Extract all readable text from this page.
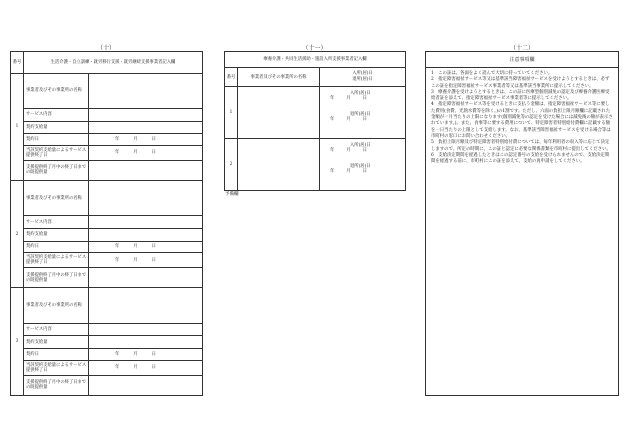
（十）	（十一）	（十二）
番号	生活介護・自立訓練・就労移行支援・就労継続支援事業者記入欄	
1	事業者及びその事業所の名称	
	サービス内容	
	契約支給量	
	契約日	年 月 日
	当該契約支給量によるサービス提供終了日	年 月 日
	支援提供終了月中の終了日までの既提供量	
2	事業者及びその事業所の名称	
	サービス内容	
	契約支給量	
	契約日	年 月 日
	当該契約支給量によるサービス提供終了日	年 月 日
	支援提供終了月中の終了日までの既提供量	
3	事業者及びその事業所の名称	
	サービス内容	
	契約支給量	
	契約日	年 月 日
	当該契約支給量によるサービス提供終了日	年 月 日
	支援提供終了月中の終了日までの既提供量	
療養介護・共同生活援助・施設入所支援事業者記入欄		
番号	事業者及びその事業所の名称	入所(居)日
退所(居)日

1		入所(居)日
年 月 日
退所(居)日
年 月 日

2		入所(居)日
年 月 日
退所(居)日
年 月 日
予備欄
注意事項欄

1　この証は、各面をよく読んで大切に持っていてください。

2　指定障害福祉サービス等又は基準該当障害福祉サービスを受けようとするときは、必ずこの証を指定障害福祉サービス事業者等又は基準該当事業所に提示してください。

3　療養介護を受けようとするときは、この証に医療型個別減免の認定及び療養介護医療受給者証を添えて、指定障害福祉サービス事業者等に提示してください。

4　指定障害福祉サービス等を受けるときに支払う金額は、指定障害福祉サービス等に要した費用(食費、光熱水費等を除く。)の1割です。ただし、六面の負担上限月額欄に記載された金額が一月当たりの上限になります(個別減免等の認定を受けた場合には減免後の額が表示されています。)。また、食事等に要する費用について、特定障害者特別給付費欄に記載する額を一日当たりの上限として支給します。なお、基準該当障害福祉サービスを受ける場合等は市町村の窓口にお問い合わせください。

5　負担上限月額及び特定障害者特別給付費については、毎年利用者の収入等に応じて決定しますので、所定の時期に、この証と認定に必要な関係書類を市町村に提出してください。

6　支給決定期間を経過したときはこの認定番号の支給を受けられませんので、支給決定期間を経過する前に、市町村にこの証を添えて、支給の再申請をしてください。
